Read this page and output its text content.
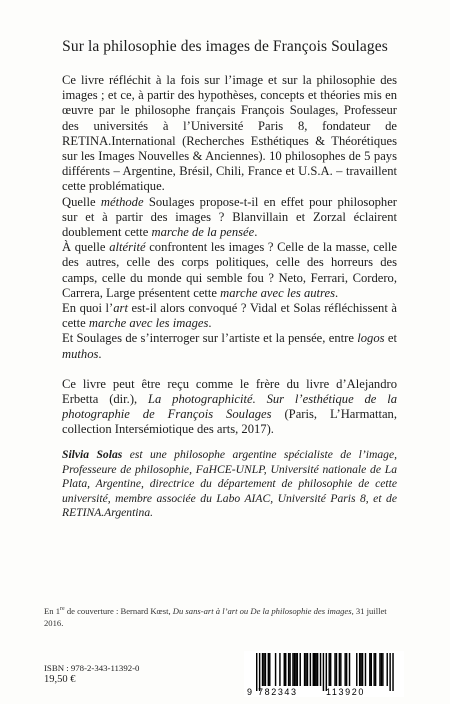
Sur la philosophie des images de François Soulages

Ce livre réfléchit à la fois sur l’image et sur la philosophie des images ; et ce, à partir des hypothèses, concepts et théories mis en œuvre par le philosophe français François Soulages, Professeur des universités à l’Université Paris 8, fondateur de RETINA.International (Recherches Esthétiques & Théorétiques sur les Images Nouvelles & Anciennes). 10 philosophes de 5 pays différents – Argentine, Brésil, Chili, France et U.S.A. – travaillent cette problématique.

Quelle méthode Soulages propose-t-il en effet pour philosopher sur et à partir des images ? Blanvillain et Zorzal éclairent doublement cette marche de la pensée.

À quelle altérité confrontent les images ? Celle de la masse, celle des autres, celle des corps politiques, celle des horreurs des camps, celle du monde qui semble fou ? Neto, Ferrari, Cordero, Carrera, Large présentent cette marche avec les autres.

En quoi l’art est-il alors convoqué ? Vidal et Solas réfléchissent à cette marche avec les images.

Et Soulages de s’interroger sur l’artiste et la pensée, entre logos et muthos.

Ce livre peut être reçu comme le frère du livre d’Alejandro Erbetta (dir.), La photographicité. Sur l’esthétique de la photographie de François Soulages (Paris, L’Harmattan, collection Intersémiotique des arts, 2017).

Silvia Solas est une philosophe argentine spécialiste de l’image, Professeure de philosophie, FaHCE-UNLP, Université nationale de La Plata, Argentine, directrice du département de philosophie de cette université, membre associée du Labo AIAC, Université Paris 8, et de RETINA.Argentina.
En 1re de couverture : Bernard Kœst, Du sans-art à l’art ou De la philosophie des images, 31 juillet 2016.
ISBN : 978-2-343-11392-0
19,50 €
9 782343	113920
